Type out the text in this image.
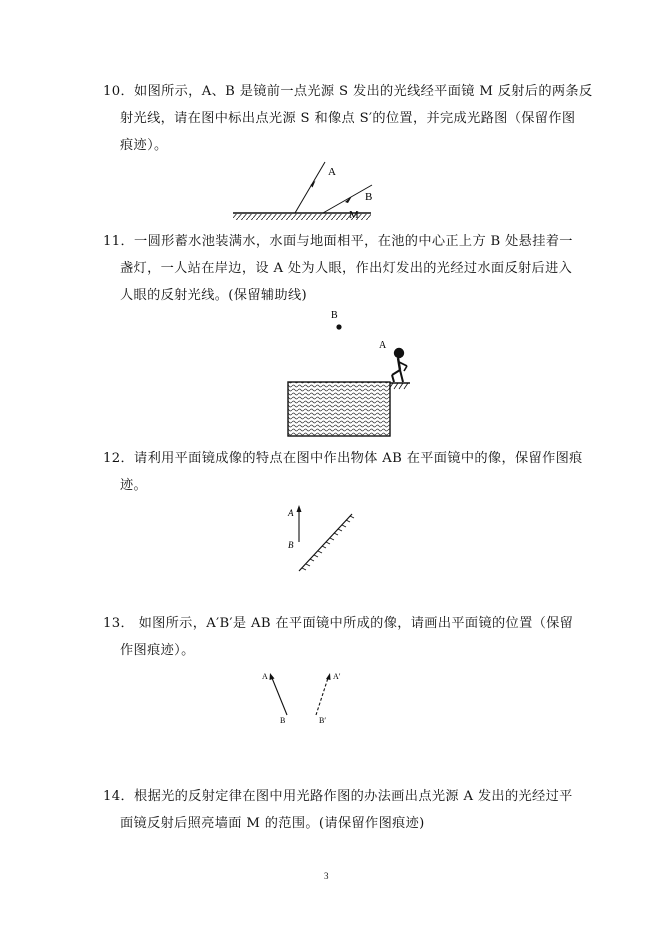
10．如图所示，A、B 是镜前一点光源 S 发出的光线经平面镜 M 反射后的两条反
射光线，请在图中标出点光源 S 和像点 S′的位置，并完成光路图（保留作图
痕迹）。
A
B
M
11．一圆形蓄水池装满水，水面与地面相平，在池的中心正上方 B 处悬挂着一
盏灯，一人站在岸边，设 A 处为人眼，作出灯发出的光经过水面反射后进入
人眼的反射光线。(保留辅助线)
B
A
12．请利用平面镜成像的特点在图中作出物体 AB 在平面镜中的像，保留作图痕
迹。
A
B
13． 如图所示，A′B′是 AB 在平面镜中所成的像，请画出平面镜的位置（保留
作图痕迹）。
A
B
A′
B′
14．根据光的反射定律在图中用光路作图的办法画出点光源 A 发出的光经过平
面镜反射后照亮墙面 M 的范围。(请保留作图痕迹)
3
